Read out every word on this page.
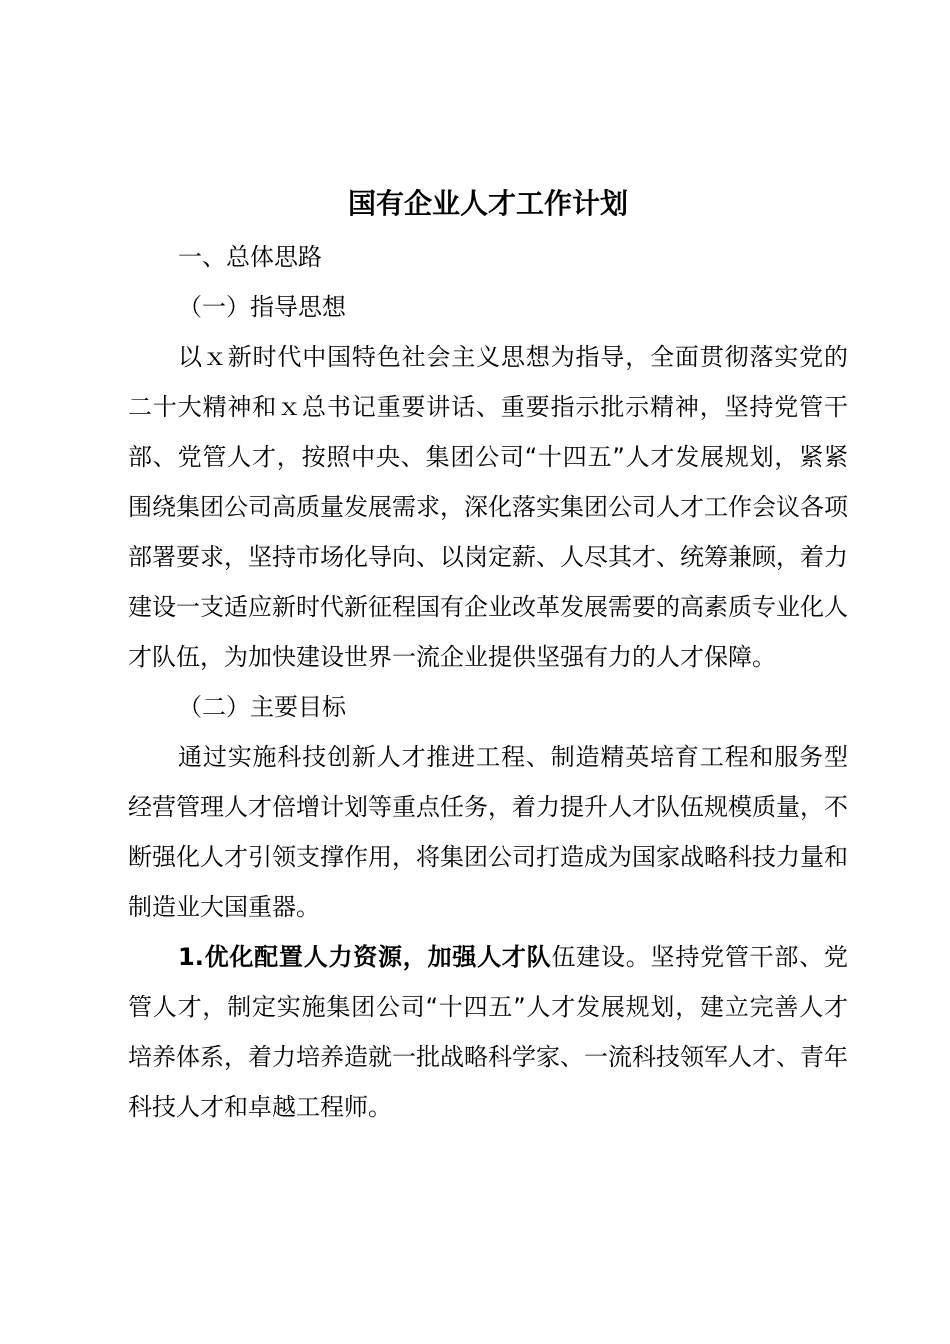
国有企业人才工作计划

一、总体思路

（一）指导思想

以ｘ新时代中国特色社会主义思想为指导，全面贯彻落实党的二十大精神和ｘ总书记重要讲话、重要指示批示精神，坚持党管干部、党管人才，按照中央、集团公司“十四五”人才发展规划，紧紧围绕集团公司高质量发展需求，深化落实集团公司人才工作会议各项部署要求，坚持市场化导向、以岗定薪、人尽其才、统筹兼顾，着力建设一支适应新时代新征程国有企业改革发展需要的高素质专业化人才队伍，为加快建设世界一流企业提供坚强有力的人才保障。

（二）主要目标

通过实施科技创新人才推进工程、制造精英培育工程和服务型经营管理人才倍增计划等重点任务，着力提升人才队伍规模质量，不断强化人才引领支撑作用，将集团公司打造成为国家战略科技力量和制造业大国重器。

1.优化配置人力资源，加强人才队伍建设。坚持党管干部、党管人才，制定实施集团公司“十四五”人才发展规划，建立完善人才培养体系，着力培养造就一批战略科学家、一流科技领军人才、青年科技人才和卓越工程师。
